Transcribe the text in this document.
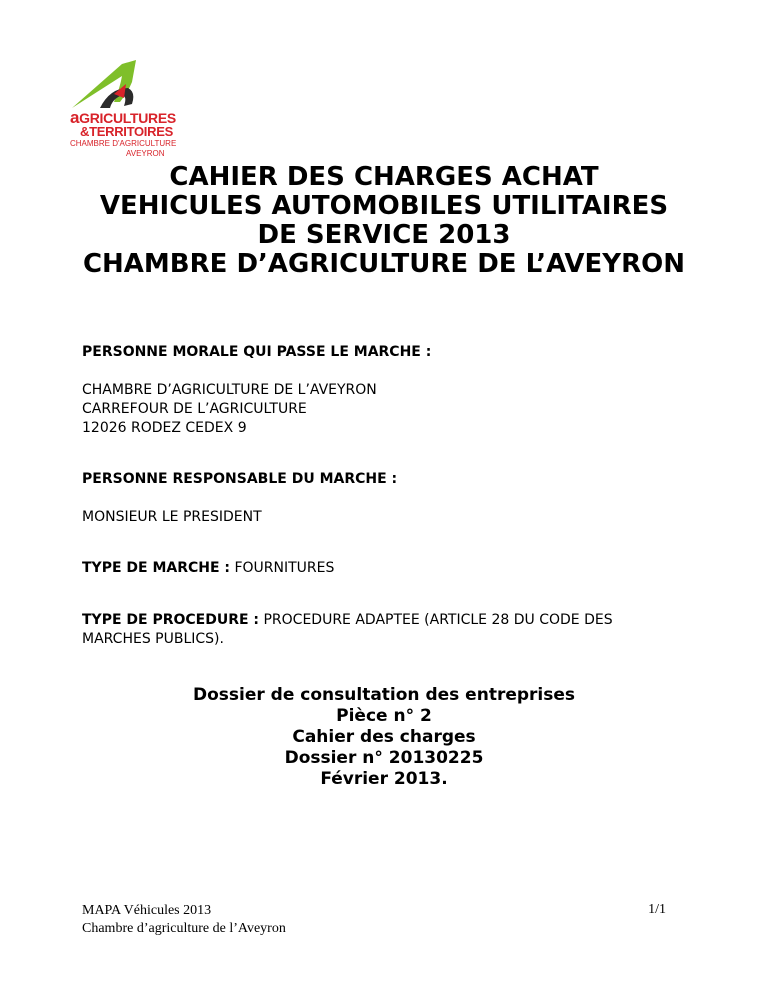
aGRICULTURES
&TERRITOIRES
CHAMBRE D'AGRICULTURE
AVEYRON
CAHIER DES CHARGES ACHAT
VEHICULES AUTOMOBILES UTILITAIRES
DE SERVICE 2013
CHAMBRE D’AGRICULTURE DE L’AVEYRON
PERSONNE MORALE QUI PASSE LE MARCHE :
CHAMBRE D’AGRICULTURE DE L’AVEYRON
CARREFOUR DE L’AGRICULTURE
12026 RODEZ CEDEX 9
PERSONNE RESPONSABLE DU MARCHE :
MONSIEUR LE PRESIDENT
TYPE DE MARCHE : FOURNITURES
TYPE DE PROCEDURE : PROCEDURE ADAPTEE (ARTICLE 28 DU CODE DES
MARCHES PUBLICS).
Dossier de consultation des entreprises
Pièce n° 2
Cahier des charges
Dossier n° 20130225
Février 2013.
MAPA Véhicules 2013
Chambre d’agriculture de l’Aveyron
1/1
